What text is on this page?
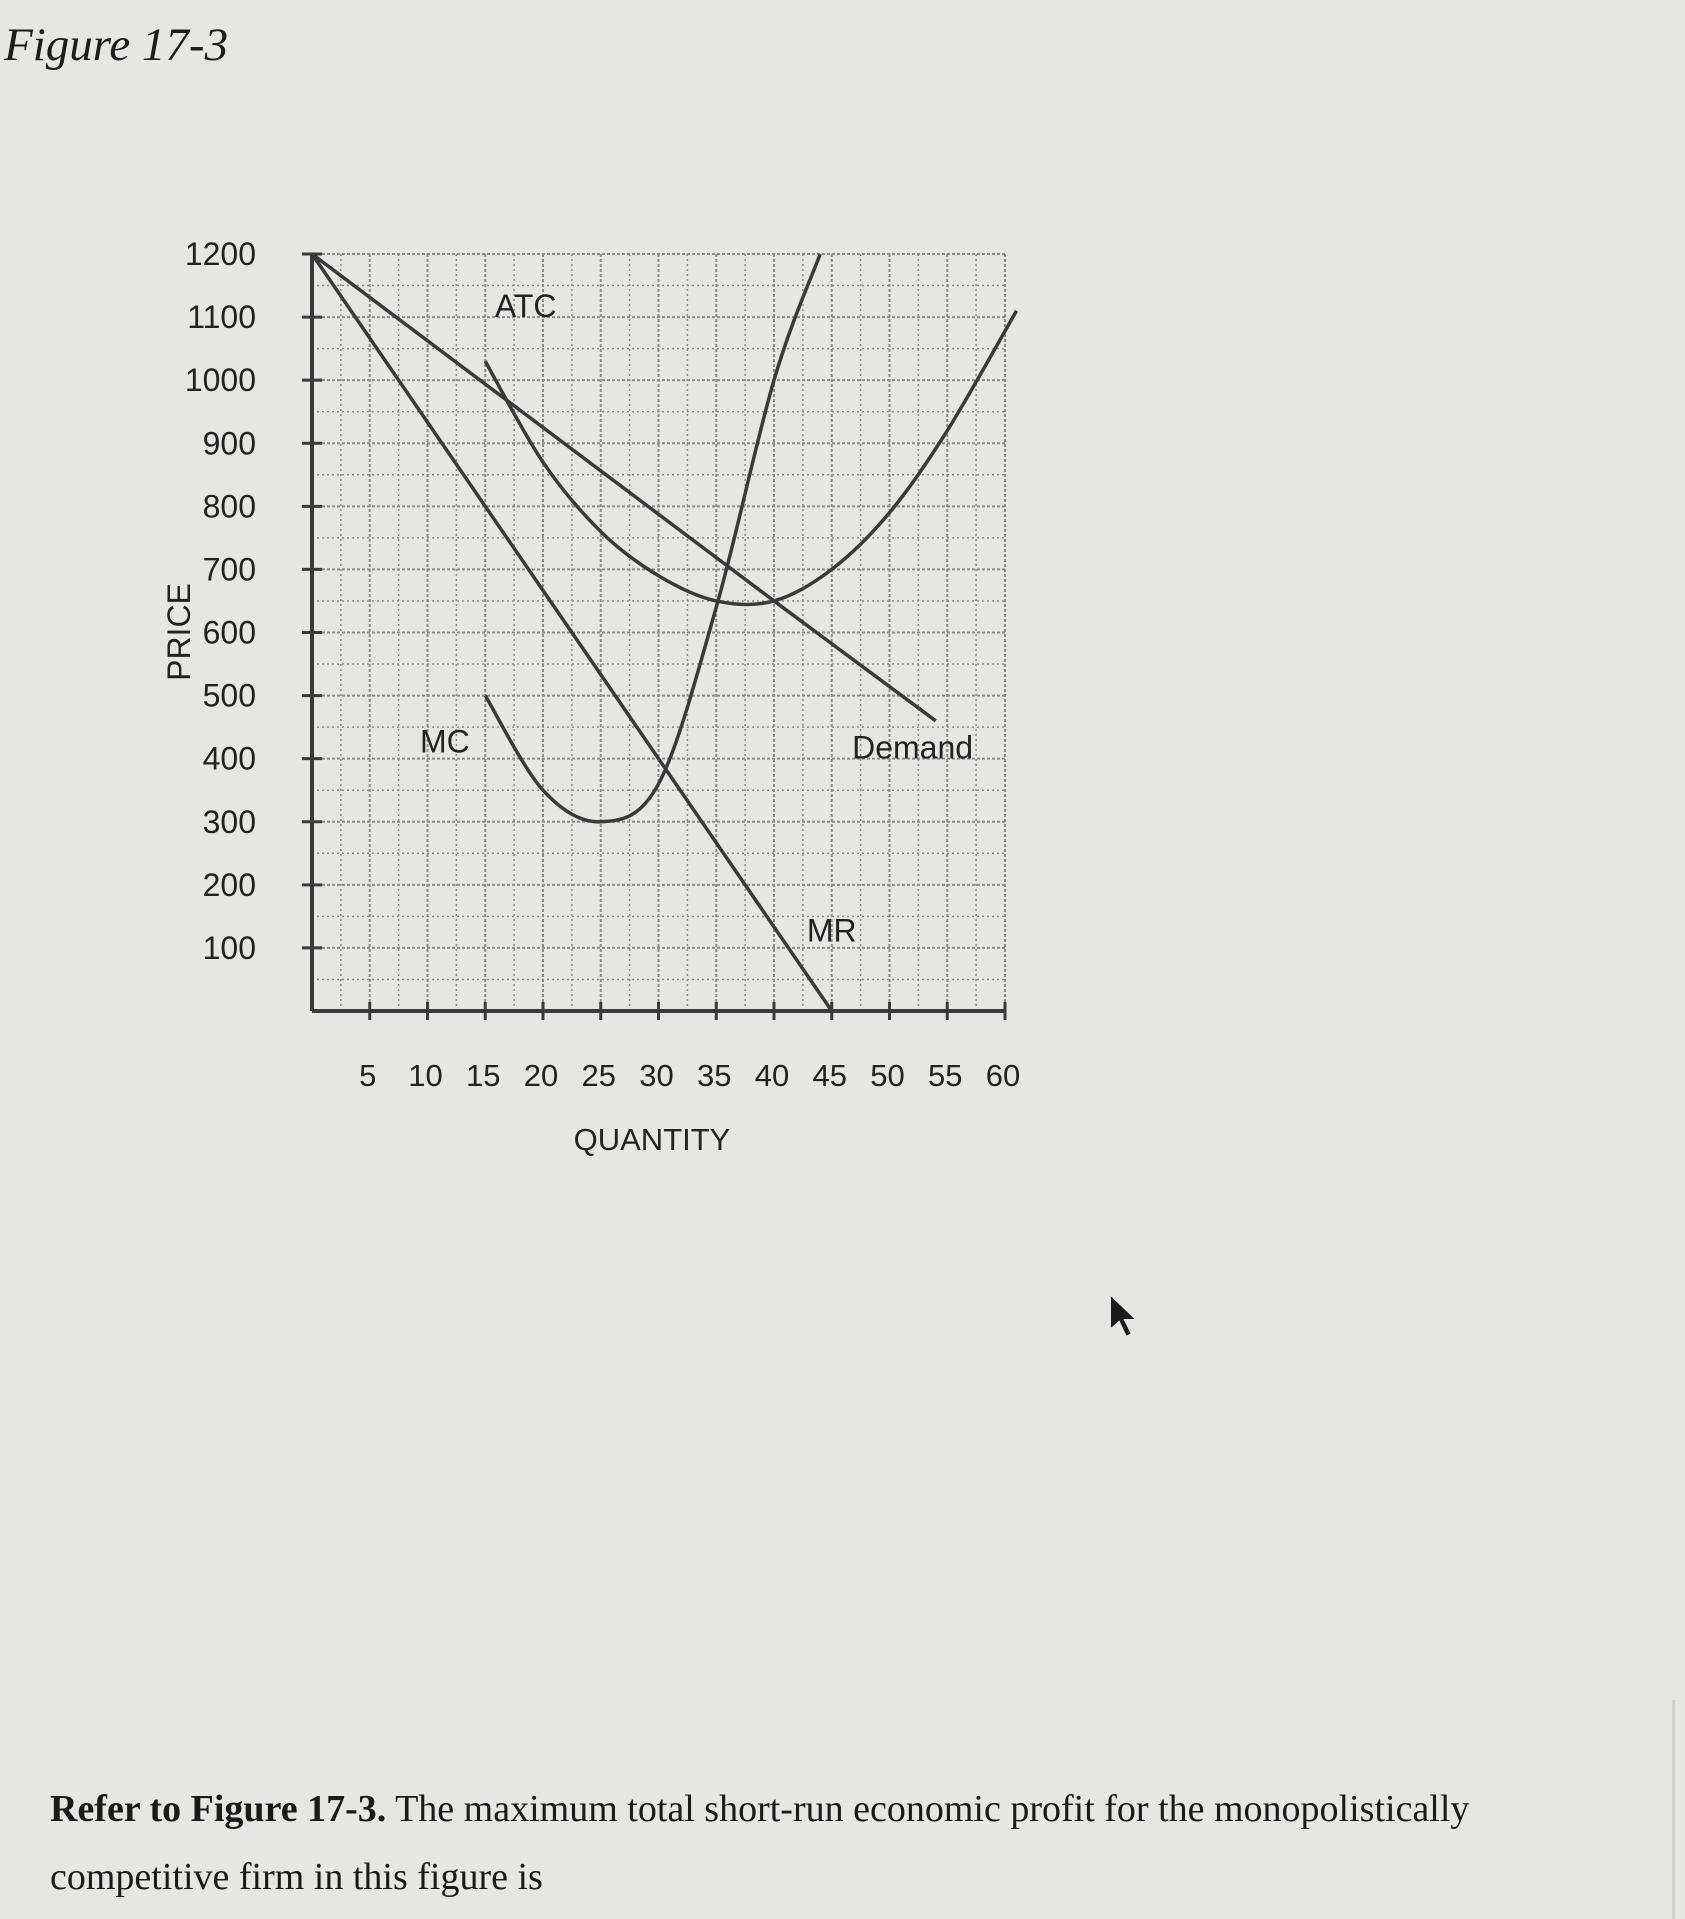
Figure 17-3
5 10 15 20 25 30 35 40 45 50 55 60
100
200
300
400
500
600
700
800
900
1000
1100
1200
QUANTITY
PRICE
Demand
MR
ATC
MC

Refer to Figure 17-3. The maximum total short-run economic profit for the monopolistically competitive firm in this figure is
